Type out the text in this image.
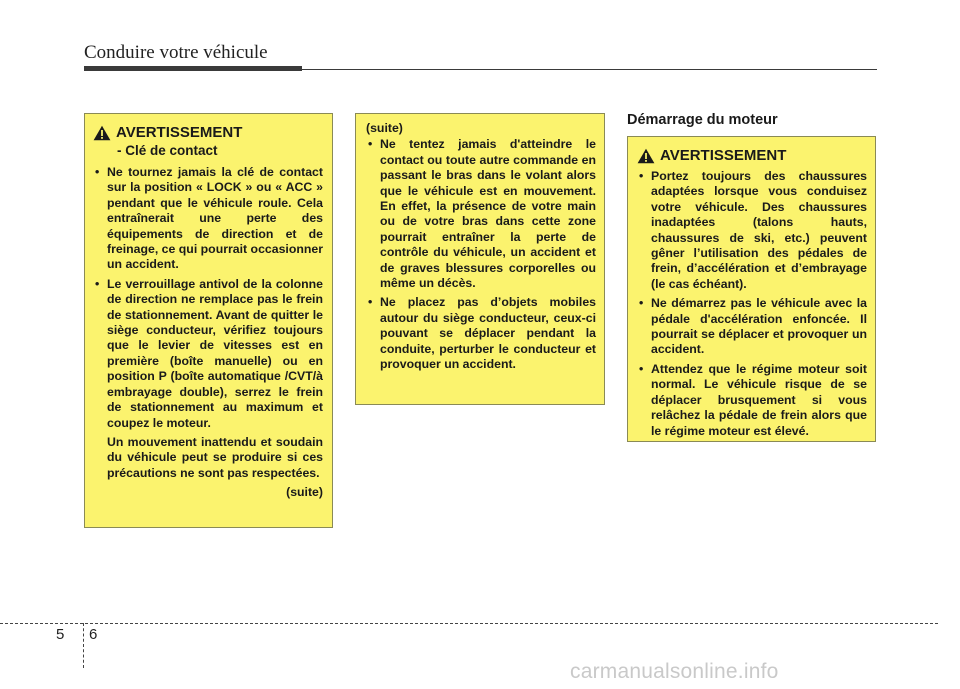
Conduire votre véhicule
AVERTISSEMENT
- Clé de contact
• Ne tournez jamais la clé de contact sur la position « LOCK » ou « ACC » pendant que le véhicule roule. Cela entraînerait une perte des équipements de direction et de freinage, ce qui pourrait occasionner un accident.
• Le verrouillage antivol de la colonne de direction ne remplace pas le frein de stationnement. Avant de quitter le siège conducteur, vérifiez toujours que le levier de vitesses est en première (boîte manuelle) ou en position P (boîte automatique /CVT/à embrayage double), serrez le frein de stationnement au maximum et coupez le moteur.
Un mouvement inattendu et soudain du véhicule peut se produire si ces précautions ne sont pas respectées.
(suite)
(suite)
• Ne tentez jamais d'atteindre le contact ou toute autre commande en passant le bras dans le volant alors que le véhicule est en mouvement. En effet, la présence de votre main ou de votre bras dans cette zone pourrait entraîner la perte de contrôle du véhicule, un accident et de graves blessures corporelles ou même un décès.
• Ne placez pas d’objets mobiles autour du siège conducteur, ceux-ci pouvant se déplacer pendant la conduite, perturber le conducteur et provoquer un accident.
Démarrage du moteur
AVERTISSEMENT
• Portez toujours des chaussures adaptées lorsque vous conduisez votre véhicule. Des chaussures inadaptées (talons hauts, chaussures de ski, etc.) peuvent gêner l’utilisation des pédales de frein, d’accélération et d’embrayage (le cas échéant).
• Ne démarrez pas le véhicule avec la pédale d'accélération enfoncée. Il pourrait se déplacer et provoquer un accident.
• Attendez que le régime moteur soit normal. Le véhicule risque de se déplacer brusquement si vous relâchez la pédale de frein alors que le régime moteur est élevé.
5 6
carmanualsonline.info
